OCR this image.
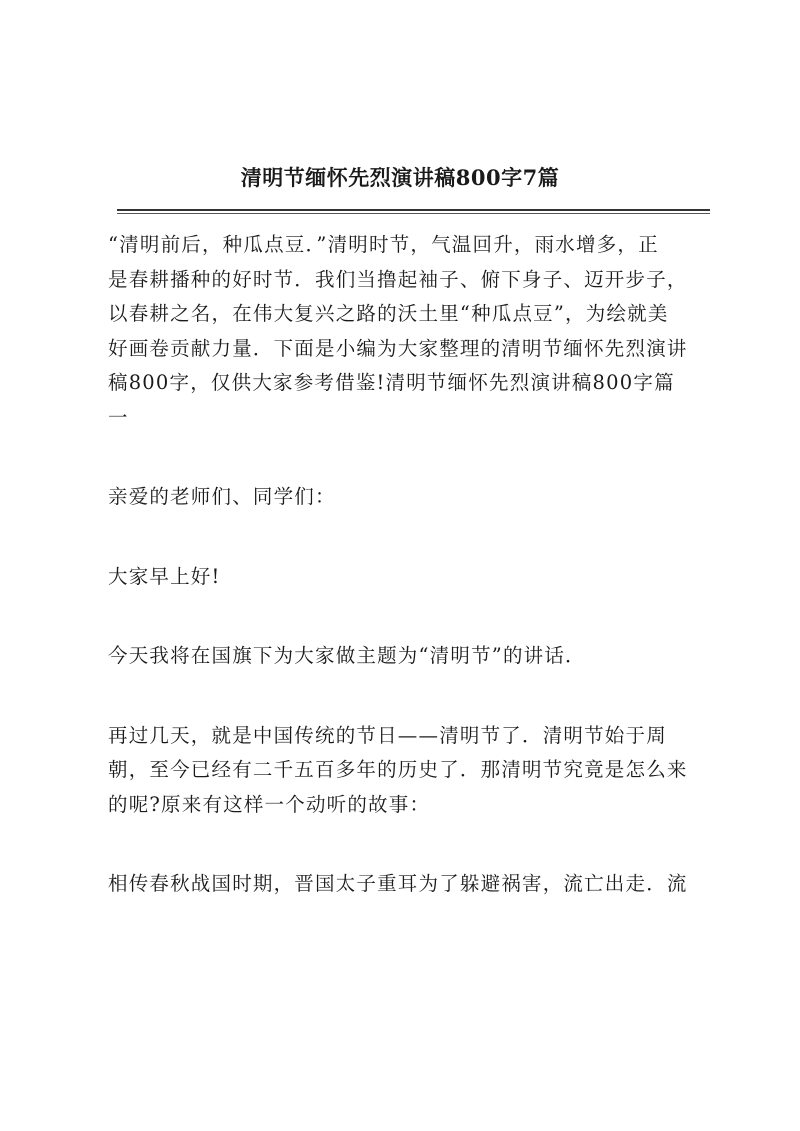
清明节缅怀先烈演讲稿800字7篇
“清明前后，种瓜点豆．”清明时节，气温回升，雨水增多，正
是春耕播种的好时节．我们当撸起袖子、俯下身子、迈开步子，
以春耕之名，在伟大复兴之路的沃土里“种瓜点豆”，为绘就美
好画卷贡献力量．下面是小编为大家整理的清明节缅怀先烈演讲
稿800字，仅供大家参考借鉴!清明节缅怀先烈演讲稿800字篇
一
亲爱的老师们、同学们：
大家早上好!
今天我将在国旗下为大家做主题为“清明节”的讲话．
再过几天，就是中国传统的节日——清明节了．清明节始于周
朝，至今已经有二千五百多年的历史了．那清明节究竟是怎么来
的呢?原来有这样一个动听的故事：
相传春秋战国时期，晋国太子重耳为了躲避祸害，流亡出走．流
